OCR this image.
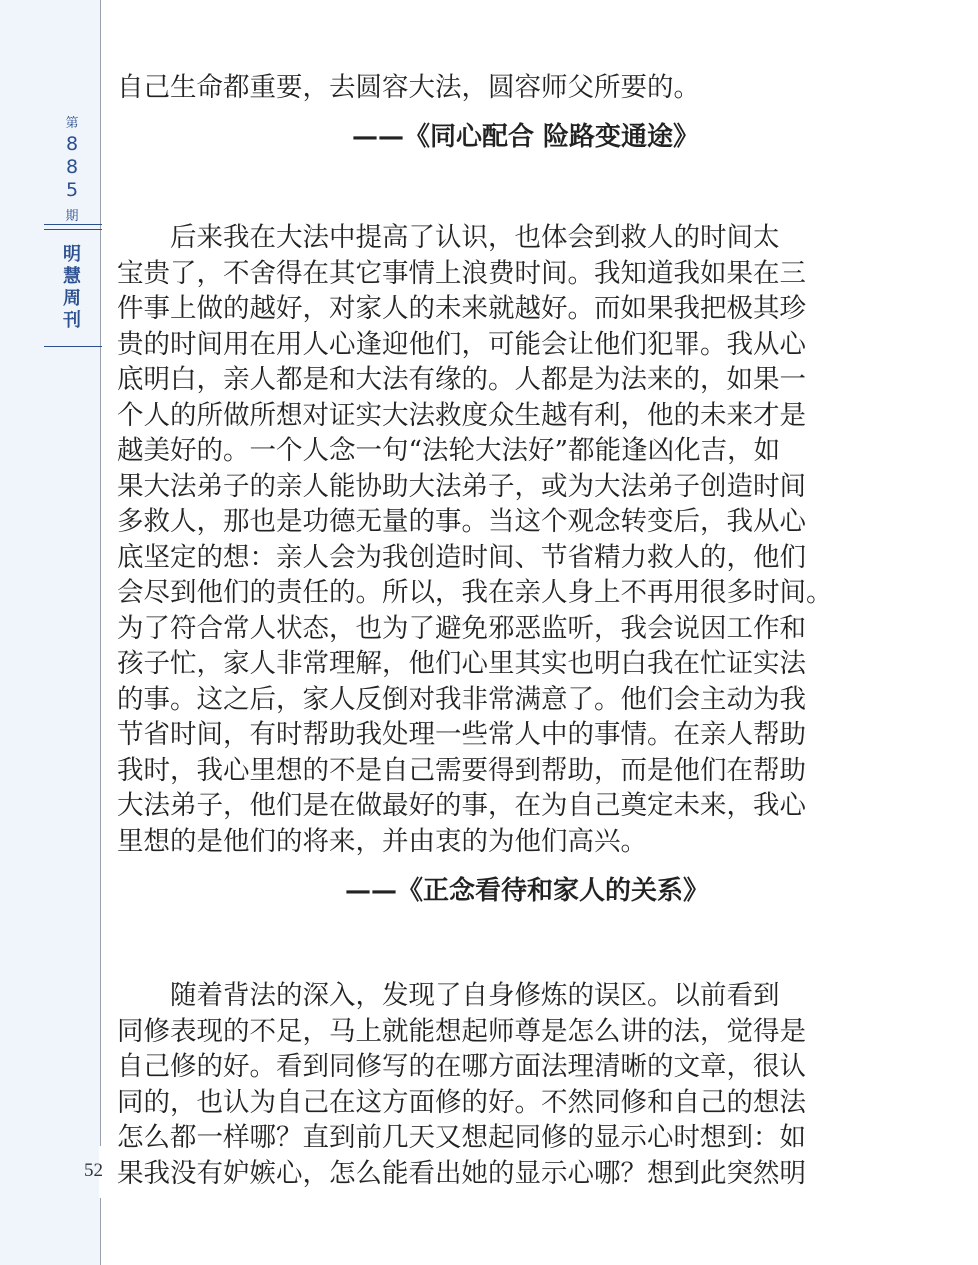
第
885
期
明慧周刊
52

自己生命都重要，去圆容大法，圆容师父所要的。

——《同心配合 险路变通途》

　　后来我在大法中提高了认识，也体会到救人的时间太

宝贵了，不舍得在其它事情上浪费时间。我知道我如果在三

件事上做的越好，对家人的未来就越好。而如果我把极其珍

贵的时间用在用人心逢迎他们，可能会让他们犯罪。我从心

底明白，亲人都是和大法有缘的。人都是为法来的，如果一

个人的所做所想对证实大法救度众生越有利，他的未来才是

越美好的。一个人念一句“法轮大法好”都能逢凶化吉，如

果大法弟子的亲人能协助大法弟子，或为大法弟子创造时间

多救人，那也是功德无量的事。当这个观念转变后，我从心

底坚定的想：亲人会为我创造时间、节省精力救人的，他们

会尽到他们的责任的。所以，我在亲人身上不再用很多时间。

为了符合常人状态，也为了避免邪恶监听，我会说因工作和

孩子忙，家人非常理解，他们心里其实也明白我在忙证实法

的事。这之后，家人反倒对我非常满意了。他们会主动为我

节省时间，有时帮助我处理一些常人中的事情。在亲人帮助

我时，我心里想的不是自己需要得到帮助，而是他们在帮助

大法弟子，他们是在做最好的事，在为自己奠定未来，我心

里想的是他们的将来，并由衷的为他们高兴。

——《正念看待和家人的关系》

　　随着背法的深入，发现了自身修炼的误区。以前看到

同修表现的不足，马上就能想起师尊是怎么讲的法，觉得是

自己修的好。看到同修写的在哪方面法理清晰的文章，很认

同的，也认为自己在这方面修的好。不然同修和自己的想法

怎么都一样哪？直到前几天又想起同修的显示心时想到：如

果我没有妒嫉心，怎么能看出她的显示心哪？想到此突然明
